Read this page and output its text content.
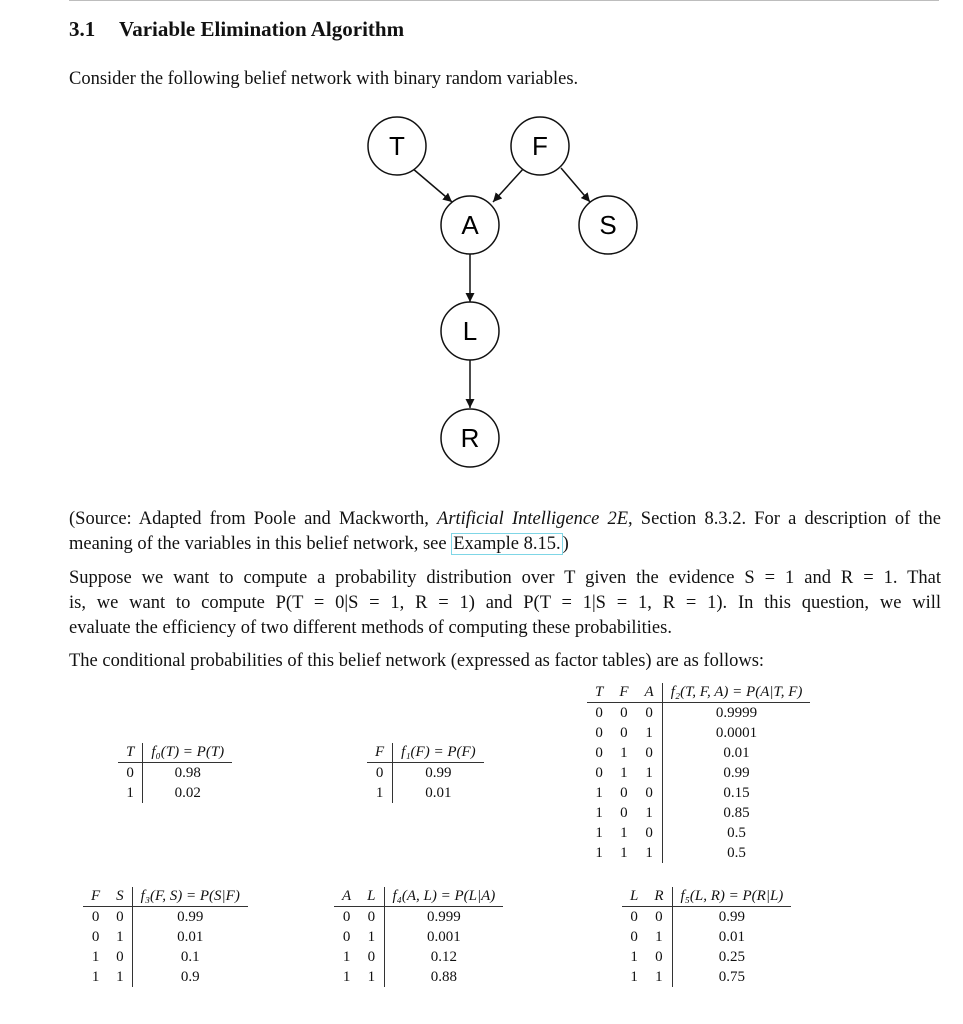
3.1 Variable Elimination Algorithm

Consider the following belief network with binary random variables.

T	F
A	S
L
R

(Source: Adapted from Poole and Mackworth, Artificial Intelligence 2E, Section 8.3.2. For a description of the meaning of the variables in this belief network, see Example 8.15. )

Suppose we want to compute a probability distribution over T given the evidence S = 1 and R = 1. That
is, we want to compute P(T = 0|S = 1, R = 1) and P(T = 1|S = 1, R = 1). In this question, we will
evaluate the efficiency of two different methods of computing these probabilities.

The conditional probabilities of this belief network (expressed as factor tables) are as follows:

T	f₀(T) = P(T)
0	0.98
1	0.02
F	f₁(F) = P(F)
0	0.99
1	0.01
T	F	A	f₂(T, F, A) = P(A|T, F)
0	0	0	0.9999
0	0	1	0.0001
0	1	0	0.01
0	1	1	0.99
1	0	0	0.15
1	0	1	0.85
1	1	0	0.5
1	1	1	0.5
F	S	f₃(F, S) = P(S|F)
0	0	0.99
0	1	0.01
1	0	0.1
1	1	0.9
A	L	f₄(A, L) = P(L|A)
0	0	0.999
0	1	0.001
1	0	0.12
1	1	0.88
L	R	f₅(L, R) = P(R|L)
0	0	0.99
0	1	0.01
1	0	0.25
1	1	0.75
